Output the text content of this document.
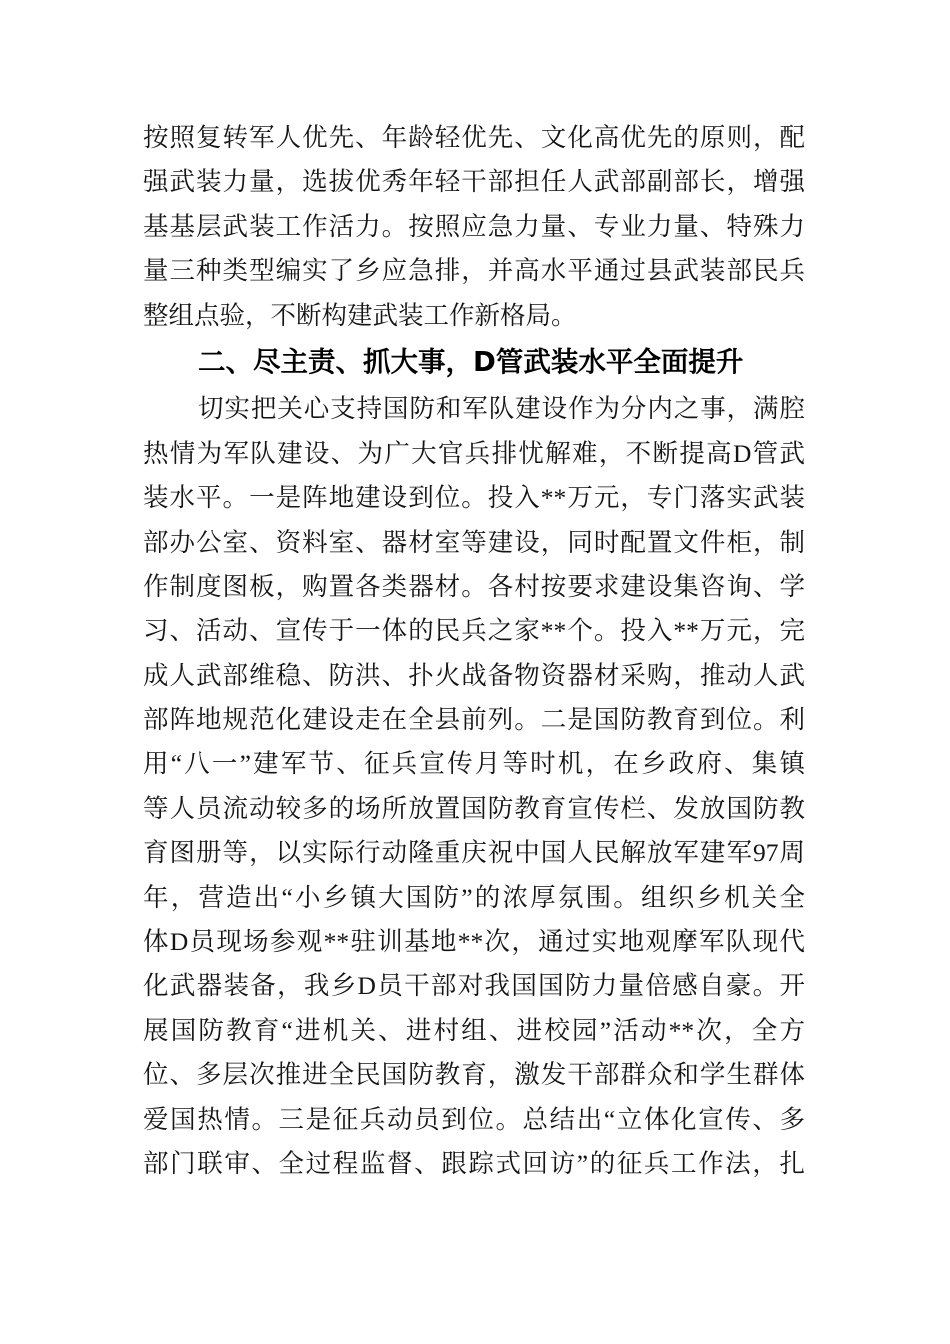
按照复转军人优先、年龄轻优先、文化高优先的原则，配
强武装力量，选拔优秀年轻干部担任人武部副部长，增强
基基层武装工作活力。按照应急力量、专业力量、特殊力
量三种类型编实了乡应急排，并高水平通过县武装部民兵
整组点验，不断构建武装工作新格局。
二、尽主责、抓大事，D管武装水平全面提升
切实把关心支持国防和军队建设作为分内之事，满腔
热情为军队建设、为广大官兵排忧解难，不断提高D管武
装水平。一是阵地建设到位。投入**万元，专门落实武装
部办公室、资料室、器材室等建设，同时配置文件柜，制
作制度图板，购置各类器材。各村按要求建设集咨询、学
习、活动、宣传于一体的民兵之家**个。投入**万元，完
成人武部维稳、防洪、扑火战备物资器材采购，推动人武
部阵地规范化建设走在全县前列。二是国防教育到位。利
用“八一”建军节、征兵宣传月等时机，在乡政府、集镇
等人员流动较多的场所放置国防教育宣传栏、发放国防教
育图册等，以实际行动隆重庆祝中国人民解放军建军97周
年，营造出“小乡镇大国防”的浓厚氛围。组织乡机关全
体D员现场参观**驻训基地**次，通过实地观摩军队现代
化武器装备，我乡D员干部对我国国防力量倍感自豪。开
展国防教育“进机关、进村组、进校园”活动**次，全方
位、多层次推进全民国防教育，激发干部群众和学生群体
爱国热情。三是征兵动员到位。总结出“立体化宣传、多
部门联审、全过程监督、跟踪式回访”的征兵工作法，扎
